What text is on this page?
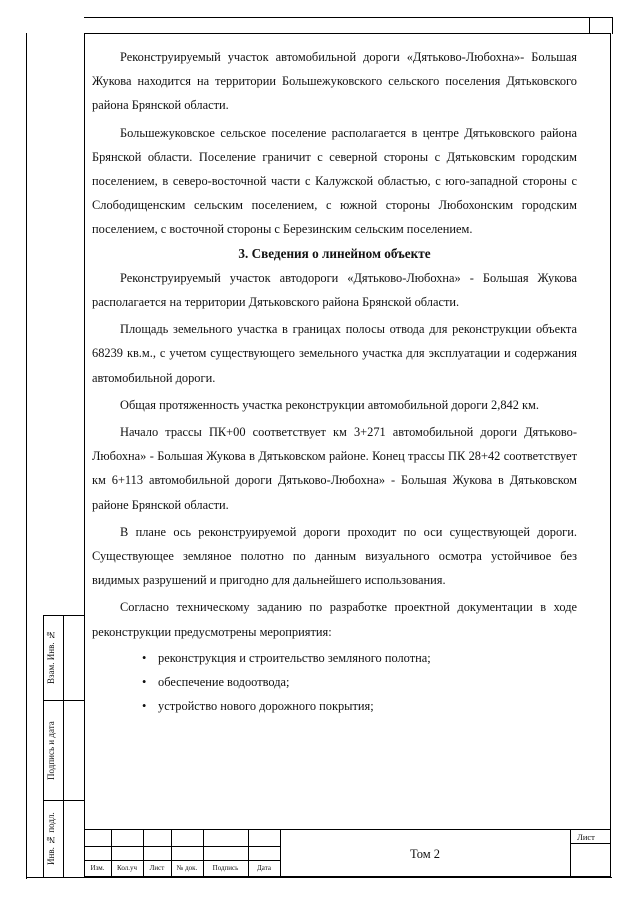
Взам. Инв. №
Подпись и дата
Инв. № подл.

Реконструируемый участок автомобильной дороги «Дятьково-Любохна»- Большая Жукова находится на территории Большежуковского сельского поселения Дятьковского района Брянской области.

Большежуковское сельское поселение располагается в центре Дятьковского района Брянской области. Поселение граничит с северной стороны с Дятьковским городским поселением, в северо-восточной части с Калужской областью, с юго-западной стороны с Слободищенским сельским поселением, с южной стороны Любохонским городским поселением, с восточной стороны с Березинским сельским поселением.

3. Сведения о линейном объекте

Реконструируемый участок автодороги «Дятьково-Любохна» - Большая Жукова располагается на территории Дятьковского района Брянской области.

Площадь земельного участка в границах полосы отвода для реконструкции объекта 68239 кв.м., с учетом существующего земельного участка для эксплуатации и содержания автомобильной дороги.

Общая протяженность участка реконструкции автомобильной дороги 2,842 км.

Начало трассы ПК+00 соответствует км 3+271 автомобильной дороги Дятьково-Любохна» - Большая Жукова в Дятьковском районе. Конец трассы ПК 28+42 соответствует км 6+113 автомобильной дороги Дятьково-Любохна» - Большая Жукова в Дятьковском районе Брянской области.

В плане ось реконструируемой дороги проходит по оси существующей дороги. Существующее земляное полотно по данным визуального осмотра устойчивое без видимых разрушений и пригодно для дальнейшего использования.

Согласно техническому заданию по разработке проектной документации в ходе реконструкции предусмотрены мероприятия:

• реконструкция и строительство земляного полотна;
• обеспечение водоотвода;
• устройство нового дорожного покрытия;
Изм.	Кол.уч	Лист	№ док.	Подпись	Дата
Том 2
Лист
